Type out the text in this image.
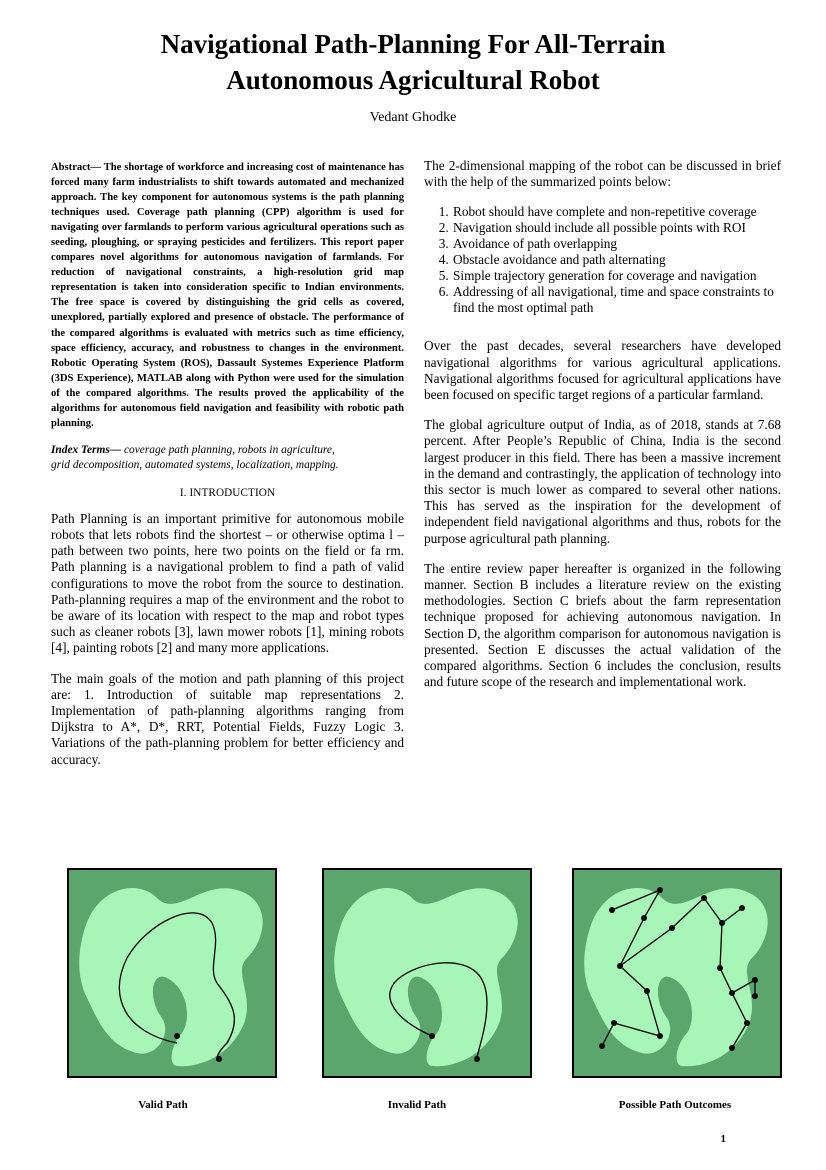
Navigational Path-Planning For All-Terrain
Autonomous Agricultural Robot
Vedant Ghodke

Abstract— The shortage of workforce and increasing cost of maintenance has forced many farm industrialists to shift towards automated and mechanized approach. The key component for autonomous systems is the path planning techniques used. Coverage path planning (CPP) algorithm is used for navigating over farmlands to perform various agricultural operations such as seeding, ploughing, or spraying pesticides and fertilizers. This report paper compares novel algorithms for autonomous navigation of farmlands. For reduction of navigational constraints, a high-resolution grid map representation is taken into consideration specific to Indian environments. The free space is covered by distinguishing the grid cells as covered, unexplored, partially explored and presence of obstacle. The performance of the compared algorithms is evaluated with metrics such as time efficiency, space efficiency, accuracy, and robustness to changes in the environment. Robotic Operating System (ROS), Dassault Systemes Experience Platform (3DS Experience), MATLAB along with Python were used for the simulation of the compared algorithms. The results proved the applicability of the algorithms for autonomous field navigation and feasibility with robotic path planning.

Index Terms— coverage path planning, robots in agriculture,
grid decomposition, automated systems, localization, mapping.

I. INTRODUCTION

Path Planning is an important primitive for autonomous mobile robots that lets robots find the shortest – or otherwise optima l – path between two points, here two points on the field or fa rm. Path planning is a navigational problem to find a path of valid configurations to move the robot from the source to destination. Path-planning requires a map of the environment and the robot to be aware of its location with respect to the map and robot types such as cleaner robots [3], lawn mower robots [1], mining robots [4], painting robots [2] and many more applications.

The main goals of the motion and path planning of this project are: 1. Introduction of suitable map representations 2. Implementation of path-planning algorithms ranging from Dijkstra to A*, D*, RRT, Potential Fields, Fuzzy Logic 3. Variations of the path-planning problem for better efficiency and accuracy.

The 2-dimensional mapping of the robot can be discussed in brief with the help of the summarized points below:

1. Robot should have complete and non-repetitive coverage
2. Navigation should include all possible points with ROI
3. Avoidance of path overlapping
4. Obstacle avoidance and path alternating
5. Simple trajectory generation for coverage and navigation
6. Addressing of all navigational, time and space constraints to find the most optimal path

Over the past decades, several researchers have developed navigational algorithms for various agricultural applications. Navigational algorithms focused for agricultural applications have been focused on specific target regions of a particular farmland.

The global agriculture output of India, as of 2018, stands at 7.68 percent. After People’s Republic of China, India is the second largest producer in this field. There has been a massive increment in the demand and contrastingly, the application of technology into this sector is much lower as compared to several other nations. This has served as the inspiration for the development of independent field navigational algorithms and thus, robots for the purpose agricultural path planning.

The entire review paper hereafter is organized in the following manner. Section B includes a literature review on the existing methodologies. Section C briefs about the farm representation technique proposed for achieving autonomous navigation. In Section D, the algorithm comparison for autonomous navigation is presented. Section E discusses the actual validation of the compared algorithms. Section 6 includes the conclusion, results and future scope of the research and implementational work.

Valid Path	Invalid Path	Possible Path Outcomes
1
